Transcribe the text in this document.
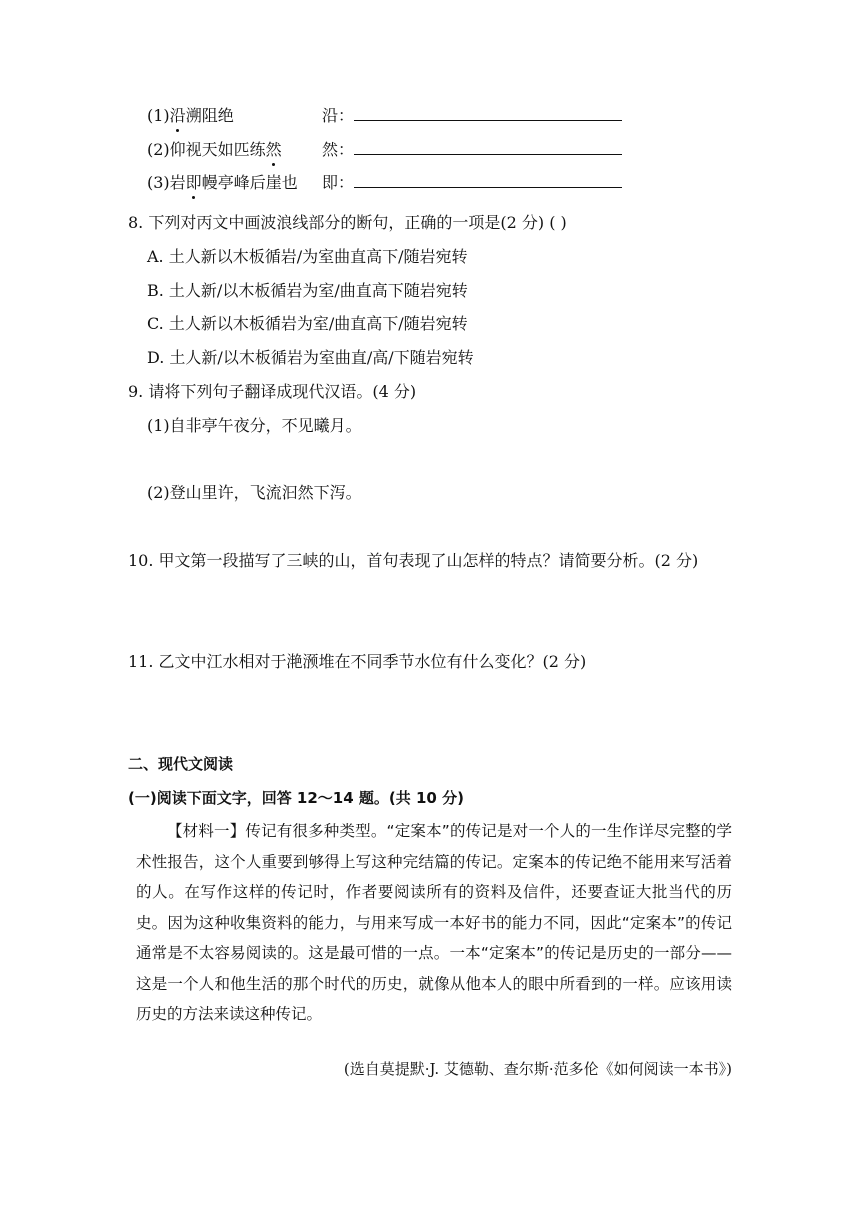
(1)沿溯阻绝	沿：
(2)仰视天如匹练然	然：
(3)岩即幔亭峰后崖也 即：
8. 下列对丙文中画波浪线部分的断句，正确的一项是(2 分) ( )
A. 土人新以木板循岩/为室曲直高下/随岩宛转
B. 土人新/以木板循岩为室/曲直高下随岩宛转
C. 土人新以木板循岩为室/曲直高下/随岩宛转
D. 土人新/以木板循岩为室曲直/高/下随岩宛转
9. 请将下列句子翻译成现代汉语。(4 分)
(1)自非亭午夜分，不见曦月。
(2)登山里许，飞流汩然下泻。
10. 甲文第一段描写了三峡的山，首句表现了山怎样的特点？请简要分析。(2 分)
11. 乙文中江水相对于滟滪堆在不同季节水位有什么变化？(2 分)
二、现代文阅读
(一)阅读下面文字，回答 12～14 题。(共 10 分)
【材料一】传记有很多种类型。“定案本”的传记是对一个人的一生作详尽完整的学术性报告，这个人重要到够得上写这种完结篇的传记。定案本的传记绝不能用来写活着的人。在写作这样的传记时，作者要阅读所有的资料及信件，还要查证大批当代的历史。因为这种收集资料的能力，与用来写成一本好书的能力不同，因此“定案本”的传记通常是不太容易阅读的。这是最可惜的一点。一本“定案本”的传记是历史的一部分——这是一个人和他生活的那个时代的历史，就像从他本人的眼中所看到的一样。应该用读历史的方法来读这种传记。
(选自莫提默·J. 艾德勒、查尔斯·范多伦《如何阅读一本书》)
